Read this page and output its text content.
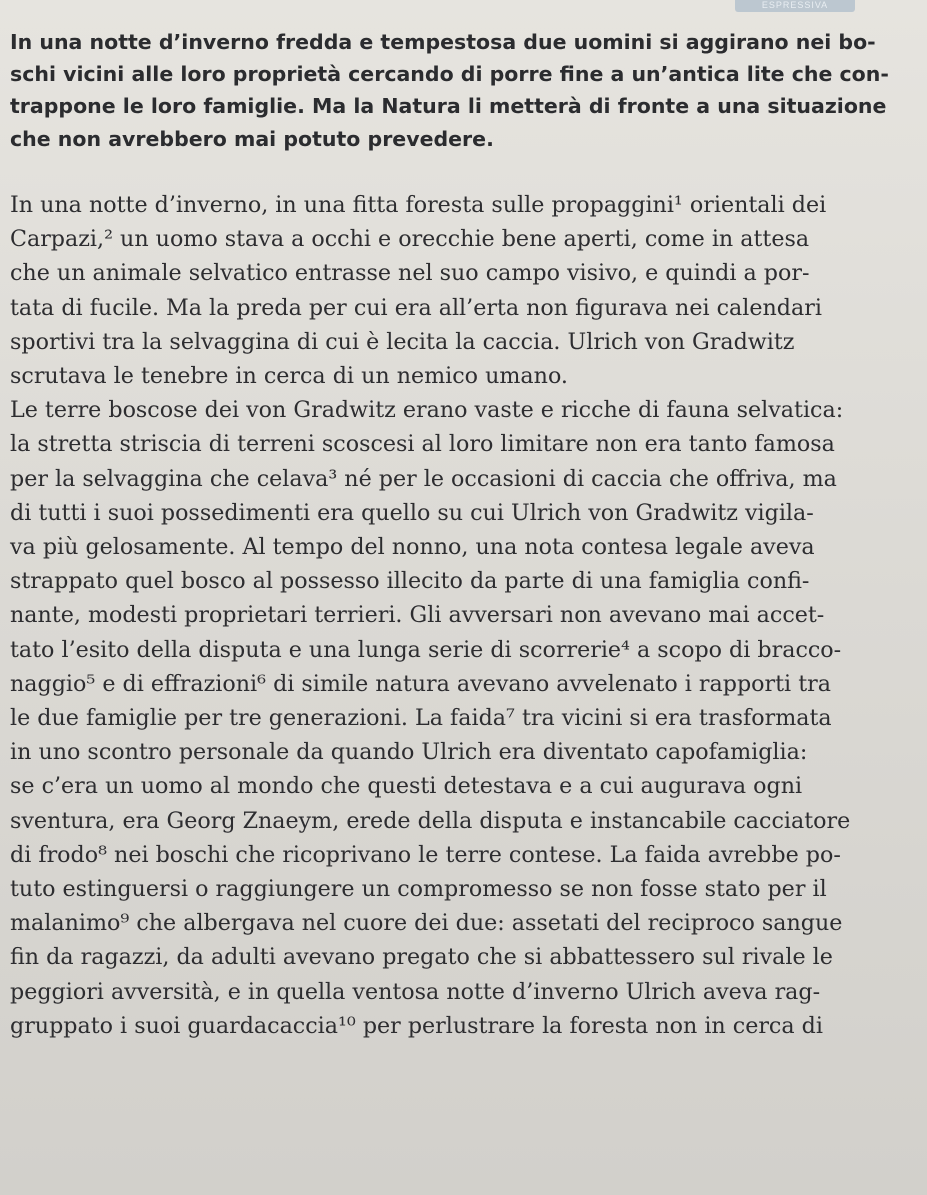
ESPRESSIVA
In una notte d’inverno fredda e tempestosa due uomini si aggirano nei bo-
schi vicini alle loro proprietà cercando di porre fine a un’antica lite che con-
trappone le loro famiglie. Ma la Natura li metterà di fronte a una situazione
che non avrebbero mai potuto prevedere.
In una notte d’inverno, in una fitta foresta sulle propaggini¹ orientali dei
Carpazi,² un uomo stava a occhi e orecchie bene aperti, come in attesa
che un animale selvatico entrasse nel suo campo visivo, e quindi a por-
tata di fucile. Ma la preda per cui era all’erta non figurava nei calendari
sportivi tra la selvaggina di cui è lecita la caccia. Ulrich von Gradwitz
scrutava le tenebre in cerca di un nemico umano.
Le terre boscose dei von Gradwitz erano vaste e ricche di fauna selvatica:
la stretta striscia di terreni scoscesi al loro limitare non era tanto famosa
per la selvaggina che celava³ né per le occasioni di caccia che offriva, ma
di tutti i suoi possedimenti era quello su cui Ulrich von Gradwitz vigila-
va più gelosamente. Al tempo del nonno, una nota contesa legale aveva
strappato quel bosco al possesso illecito da parte di una famiglia confi-
nante, modesti proprietari terrieri. Gli avversari non avevano mai accet-
tato l’esito della disputa e una lunga serie di scorrerie⁴ a scopo di bracco-
naggio⁵ e di effrazioni⁶ di simile natura avevano avvelenato i rapporti tra
le due famiglie per tre generazioni. La faida⁷ tra vicini si era trasformata
in uno scontro personale da quando Ulrich era diventato capofamiglia:
se c’era un uomo al mondo che questi detestava e a cui augurava ogni
sventura, era Georg Znaeym, erede della disputa e instancabile cacciatore
di frodo⁸ nei boschi che ricoprivano le terre contese. La faida avrebbe po-
tuto estinguersi o raggiungere un compromesso se non fosse stato per il
malanimo⁹ che albergava nel cuore dei due: assetati del reciproco sangue
fin da ragazzi, da adulti avevano pregato che si abbattessero sul rivale le
peggiori avversità, e in quella ventosa notte d’inverno Ulrich aveva rag-
gruppato i suoi guardacaccia¹⁰ per perlustrare la foresta non in cerca di
